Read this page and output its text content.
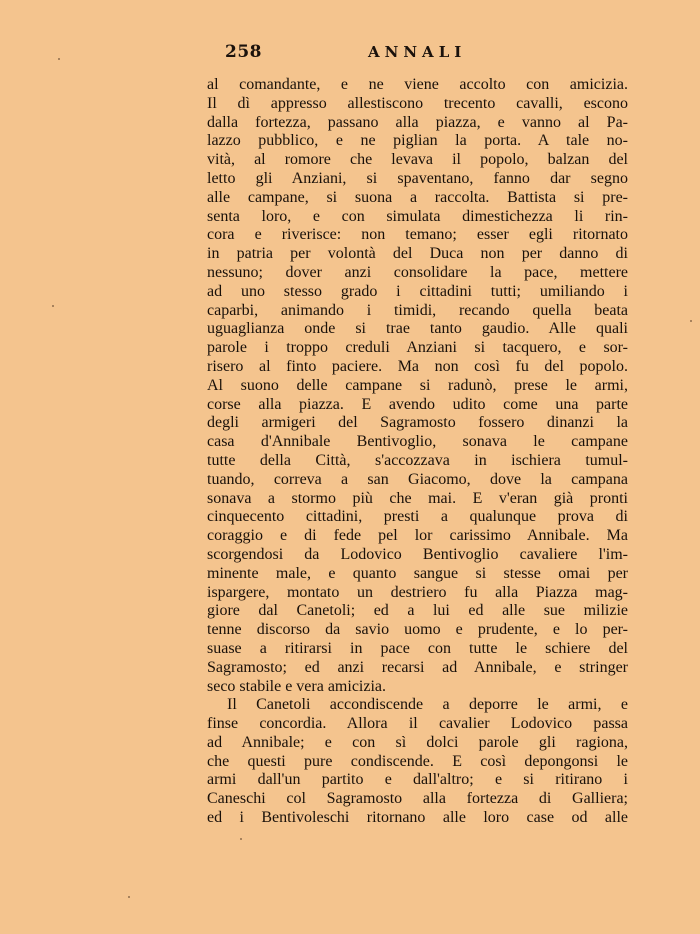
258	ANNALI
al comandante, e ne viene accolto con amicizia.
Il dì appresso allestiscono trecento cavalli, escono
dalla fortezza, passano alla piazza, e vanno al Pa-
lazzo pubblico, e ne piglian la porta. A tale no-
vità, al romore che levava il popolo, balzan del
letto gli Anziani, si spaventano, fanno dar segno
alle campane, si suona a raccolta. Battista si pre-
senta loro, e con simulata dimestichezza li rin-
cora e riverisce: non temano; esser egli ritornato
in patria per volontà del Duca non per danno di
nessuno; dover anzi consolidare la pace, mettere
ad uno stesso grado i cittadini tutti; umiliando i
caparbi, animando i timidi, recando quella beata
uguaglianza onde si trae tanto gaudio. Alle quali
parole i troppo creduli Anziani si tacquero, e sor-
risero al finto paciere. Ma non così fu del popolo.
Al suono delle campane si radunò, prese le armi,
corse alla piazza. E avendo udito come una parte
degli armigeri del Sagramosto fossero dinanzi la
casa d'Annibale Bentivoglio, sonava le campane
tutte della Città, s'accozzava in ischiera tumul-
tuando, correva a san Giacomo, dove la campana
sonava a stormo più che mai. E v'eran già pronti
cinquecento cittadini, presti a qualunque prova di
coraggio e di fede pel lor carissimo Annibale. Ma
scorgendosi da Lodovico Bentivoglio cavaliere l'im-
minente male, e quanto sangue si stesse omai per
ispargere, montato un destriero fu alla Piazza mag-
giore dal Canetoli; ed a lui ed alle sue milizie
tenne discorso da savio uomo e prudente, e lo per-
suase a ritirarsi in pace con tutte le schiere del
Sagramosto; ed anzi recarsi ad Annibale, e stringer
seco stabile e vera amicizia.
Il Canetoli accondiscende a deporre le armi, e
finse concordia. Allora il cavalier Lodovico passa
ad Annibale; e con sì dolci parole gli ragiona,
che questi pure condiscende. E così depongonsi le
armi dall'un partito e dall'altro; e si ritirano i
Caneschi col Sagramosto alla fortezza di Galliera;
ed i Bentivoleschi ritornano alle loro case od alle
